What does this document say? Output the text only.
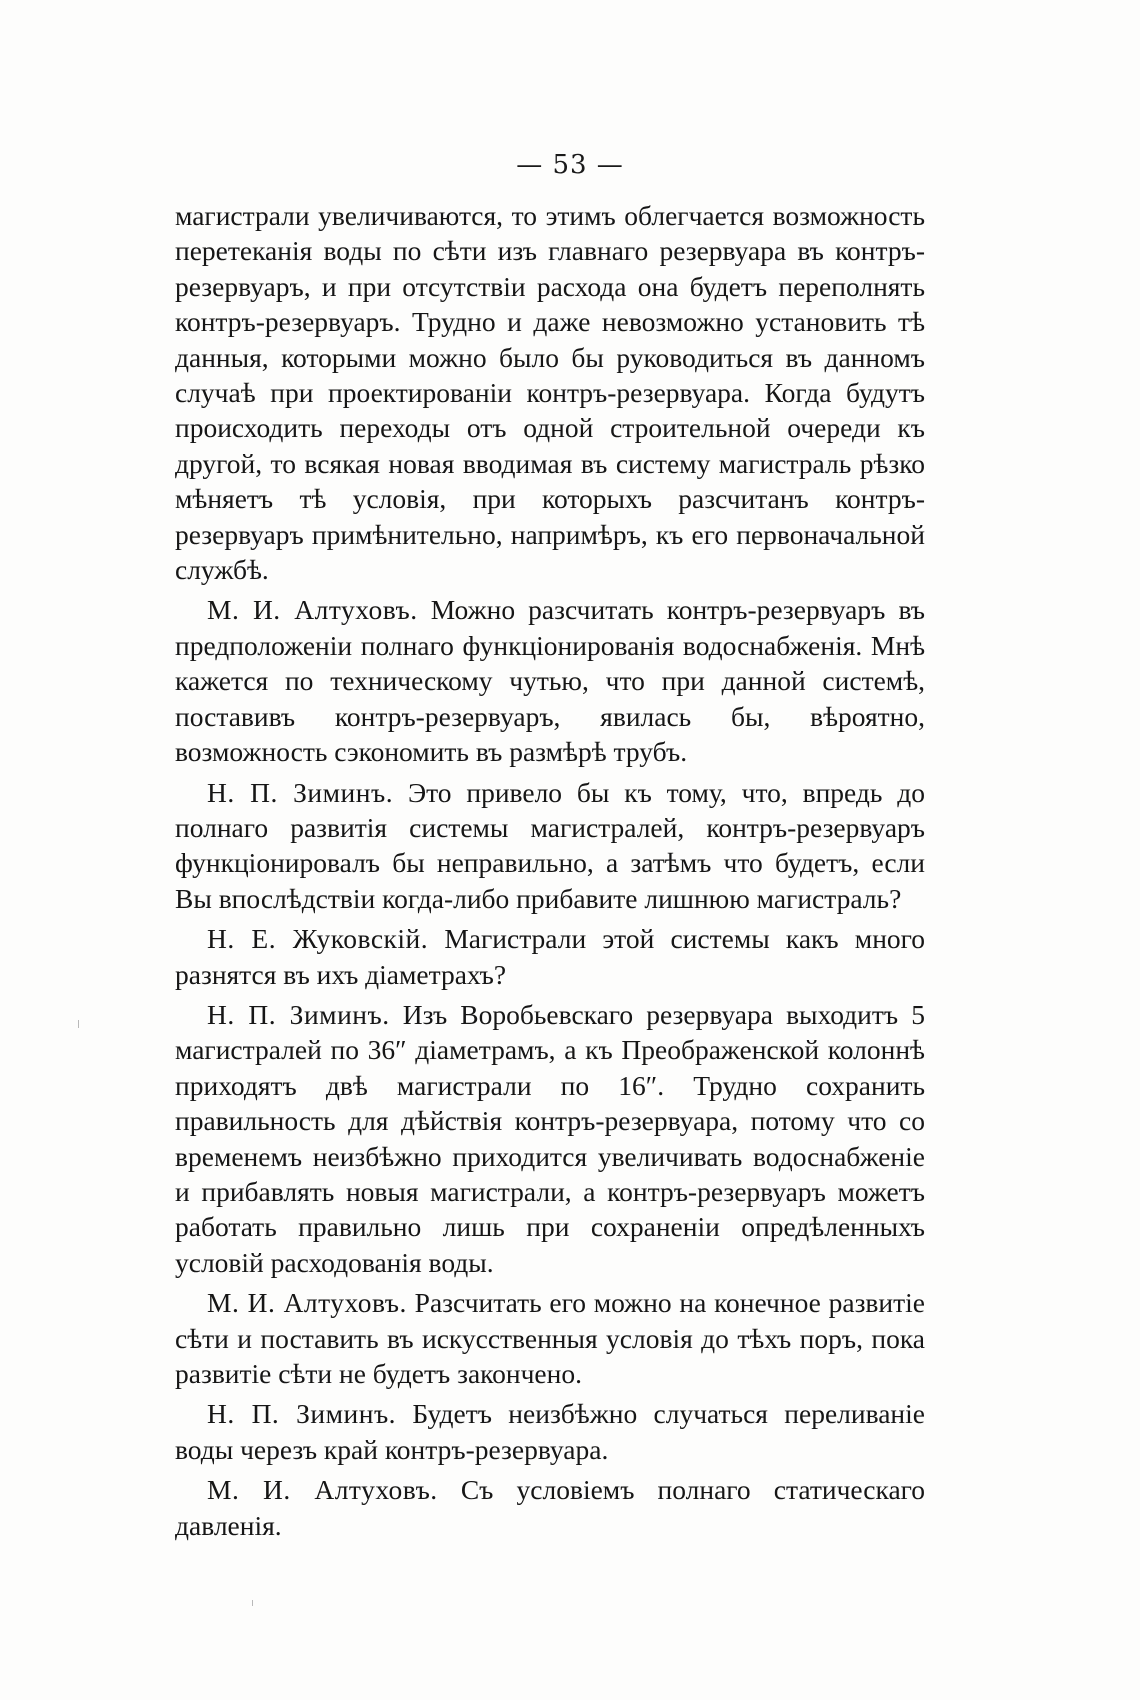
— 53 —

магистрали увеличиваются, то этимъ облегчается возможность перетеканія воды по сѣти изъ главнаго резервуара въ контръ-резервуаръ, и при отсутствіи расхода она будетъ переполнять контръ-резервуаръ. Трудно и даже невозможно установить тѣ данныя, которыми можно было бы руководиться въ данномъ случаѣ при проектированіи контръ-резервуара. Когда будутъ происходить переходы отъ одной строительной очереди къ другой, то всякая новая вводимая въ систему магистраль рѣзко мѣняетъ тѣ условія, при которыхъ разсчитанъ контръ-резервуаръ примѣнительно, напримѣръ, къ его первоначальной службѣ.

М. И. Алтуховъ. Можно разсчитать контръ-резервуаръ въ предположеніи полнаго функціонированія водоснабженія. Мнѣ кажется по техническому чутью, что при данной системѣ, поставивъ контръ-резервуаръ, явилась бы, вѣроятно, возможность сэкономить въ размѣрѣ трубъ.

Н. П. Зиминъ. Это привело бы къ тому, что, впредь до полнаго развитія системы магистралей, контръ-резервуаръ функціонировалъ бы неправильно, а затѣмъ что будетъ, если Вы впослѣдствіи когда-либо прибавите лишнюю магистраль?

Н. Е. Жуковскій. Магистрали этой системы какъ много разнятся въ ихъ діаметрахъ?

Н. П. Зиминъ. Изъ Воробьевскаго резервуара выходитъ 5 магистралей по 36″ діаметрамъ, а къ Преображенской колоннѣ приходятъ двѣ магистрали по 16″. Трудно сохранить правильность для дѣйствія контръ-резервуара, потому что со временемъ неизбѣжно приходится увеличивать водоснабженіе и прибавлять новыя магистрали, а контръ-резервуаръ можетъ работать правильно лишь при сохраненіи опредѣленныхъ условій расходованія воды.

М. И. Алтуховъ. Разсчитать его можно на конечное развитіе сѣти и поставить въ искусственныя условія до тѣхъ поръ, пока развитіе сѣти не будетъ закончено.

Н. П. Зиминъ. Будетъ неизбѣжно случаться переливаніе воды черезъ край контръ-резервуара.

М. И. Алтуховъ. Съ условіемъ полнаго статическаго давленія.
